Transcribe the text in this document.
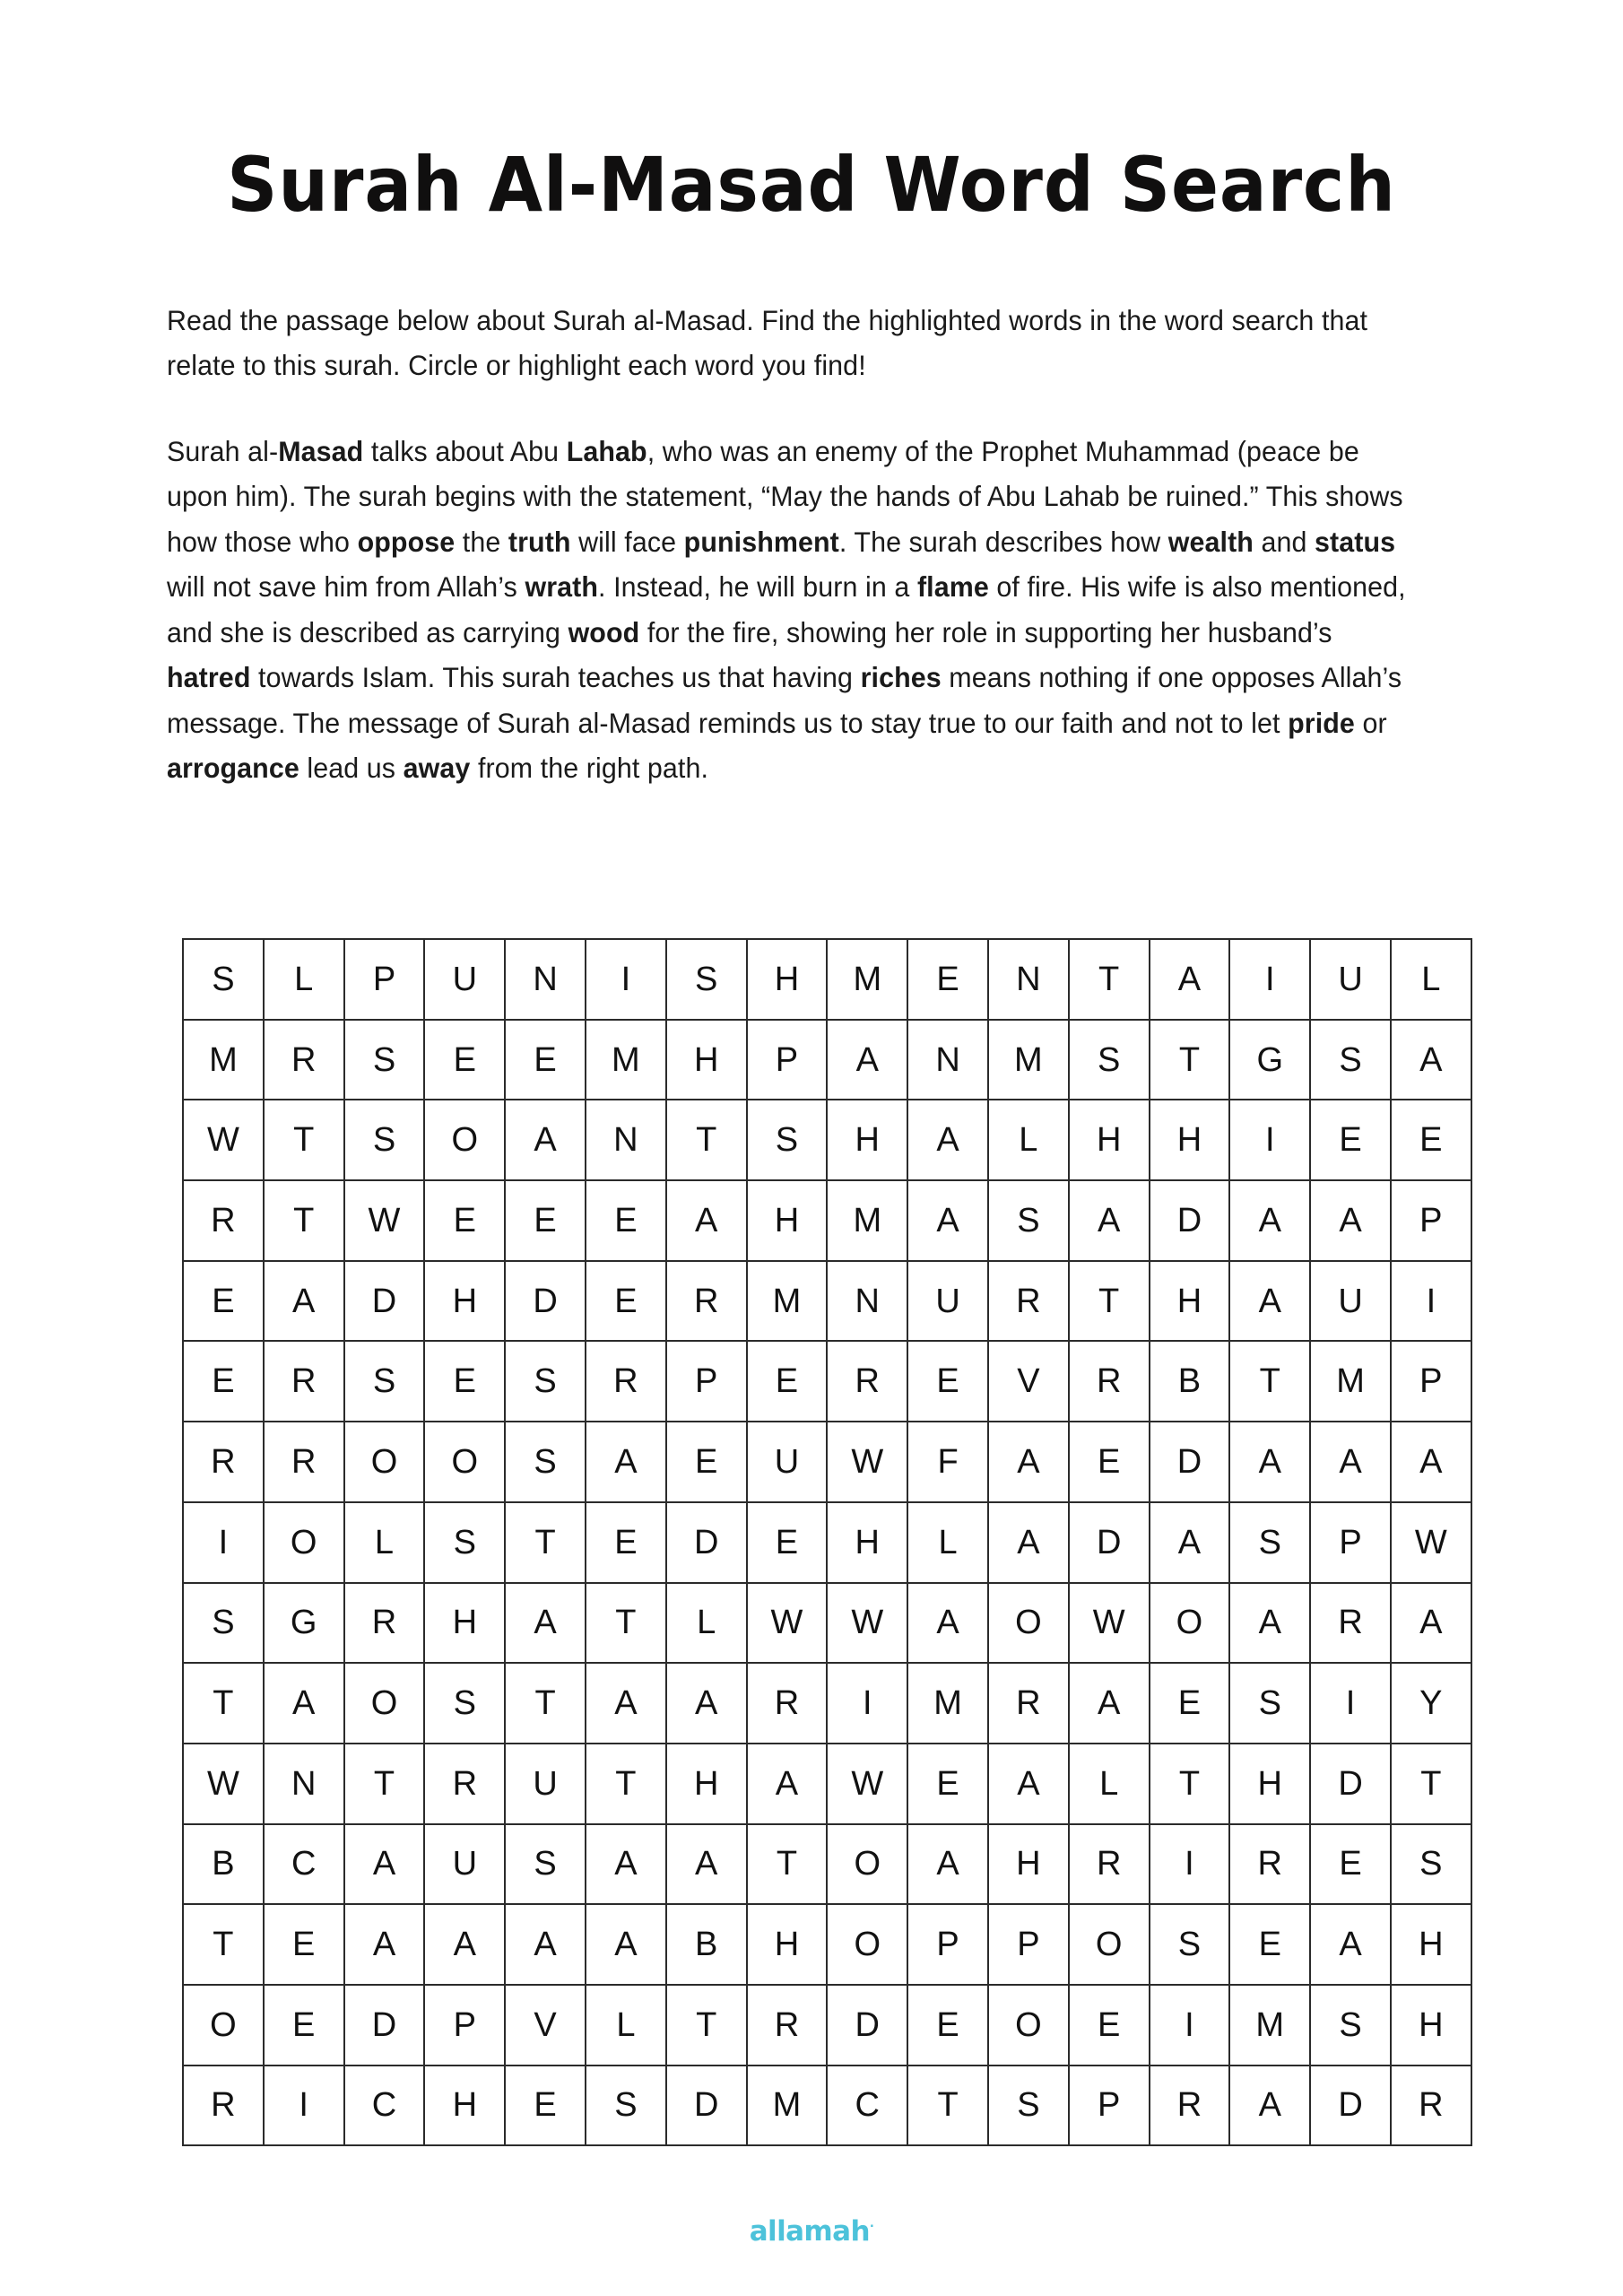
Surah Al-Masad Word Search

Read the passage below about Surah al-Masad. Find the highlighted words in the word search that relate to this surah. Circle or highlight each word you find!

Surah al-Masad talks about Abu Lahab, who was an enemy of the Prophet Muhammad (peace be upon him). The surah begins with the statement, “May the hands of Abu Lahab be ruined.” This shows how those who oppose the truth will face punishment. The surah describes how wealth and status will not save him from Allah’s wrath. Instead, he will burn in a flame of fire. His wife is also mentioned, and she is described as carrying wood for the fire, showing her role in supporting her husband’s hatred towards Islam. This surah teaches us that having riches means nothing if one opposes Allah’s message. The message of Surah al-Masad reminds us to stay true to our faith and not to let pride or arrogance lead us away from the right path.

S	L	P	U	N	I	S	H	M	E	N	T	A	I	U	L
M	R	S	E	E	M	H	P	A	N	M	S	T	G	S	A
W	T	S	O	A	N	T	S	H	A	L	H	H	I	E	E
R	T	W	E	E	E	A	H	M	A	S	A	D	A	A	P
E	A	D	H	D	E	R	M	N	U	R	T	H	A	U	I
E	R	S	E	S	R	P	E	R	E	V	R	B	T	M	P
R	R	O	O	S	A	E	U	W	F	A	E	D	A	A	A
I	O	L	S	T	E	D	E	H	L	A	D	A	S	P	W
S	G	R	H	A	T	L	W	W	A	O	W	O	A	R	A
T	A	O	S	T	A	A	R	I	M	R	A	E	S	I	Y
W	N	T	R	U	T	H	A	W	E	A	L	T	H	D	T
B	C	A	U	S	A	A	T	O	A	H	R	I	R	E	S
T	E	A	A	A	A	B	H	O	P	P	O	S	E	A	H
O	E	D	P	V	L	T	R	D	E	O	E	I	M	S	H
R	I	C	H	E	S	D	M	C	T	S	P	R	A	D	R
allamah·
